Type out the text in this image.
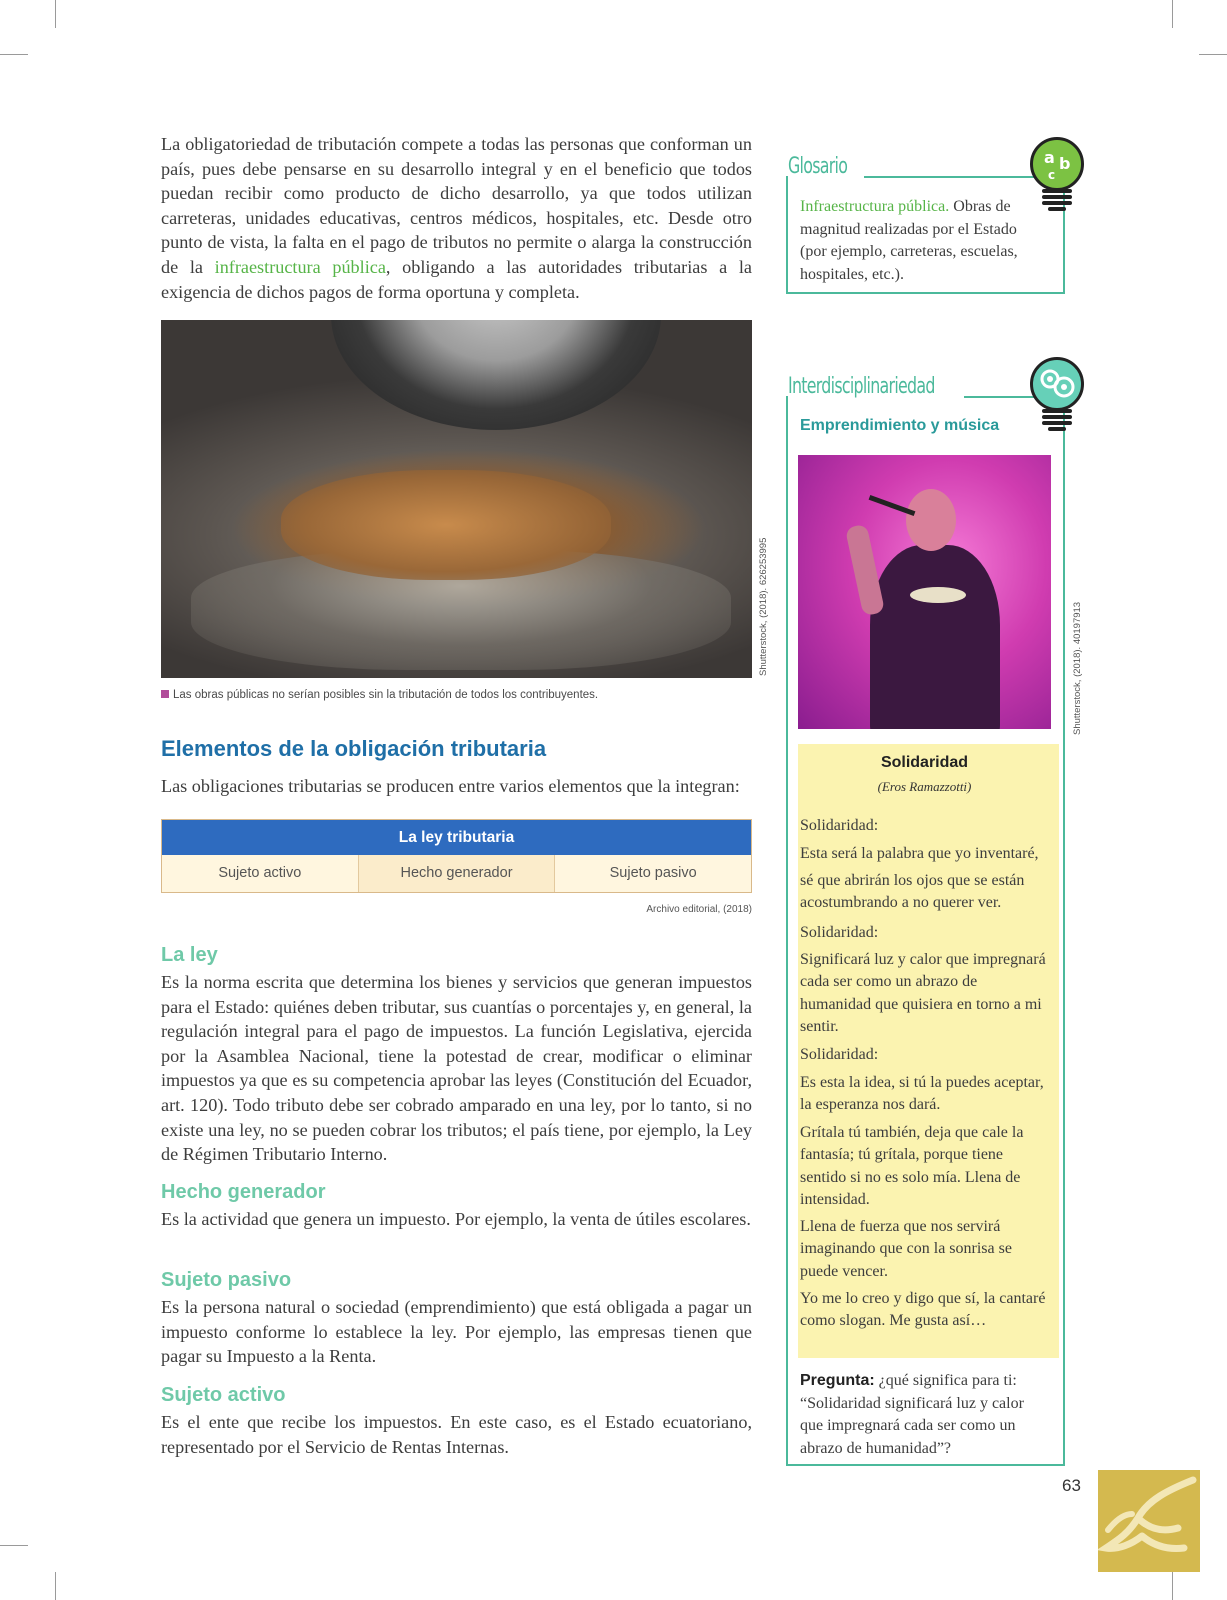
La obligatoriedad de tributación compete a todas las personas que conforman un país, pues debe pensarse en su desarrollo integral y en el beneficio que todos puedan recibir como producto de dicho desarrollo, ya que todos utilizan carreteras, unidades educativas, centros médicos, hospitales, etc. Desde otro punto de vista, la falta en el pago de tributos no permite o alarga la construcción de la infraestructura pública, obligando a las autoridades tributarias a la exigencia de dichos pagos de forma oportuna y completa.

Shutterstock, (2018). 626253995
Las obras públicas no serían posibles sin la tributación de todos los contribuyentes.
Elementos de la obligación tributaria

Las obligaciones tributarias se producen entre varios elementos que la integran:

La ley tributaria
Sujeto activo	Hecho generador	Sujeto pasivo
Archivo editorial, (2018)
La ley

Es la norma escrita que determina los bienes y servicios que generan impuestos para el Estado: quiénes deben tributar, sus cuantías o porcentajes y, en general, la regulación integral para el pago de impuestos. La función Legislativa, ejercida por la Asamblea Nacional, tiene la potestad de crear, modificar o eliminar impuestos ya que es su competencia aprobar las leyes (Constitución del Ecuador, art. 120). Todo tributo debe ser cobrado amparado en una ley, por lo tanto, si no existe una ley, no se pueden cobrar los tributos; el país tiene, por ejemplo, la Ley de Régimen Tributario Interno.

Hecho generador

Es la actividad que genera un impuesto. Por ejemplo, la venta de útiles escolares.

Sujeto pasivo

Es la persona natural o sociedad (emprendimiento) que está obligada a pagar un impuesto conforme lo establece la ley. Por ejemplo, las empresas tienen que pagar su Impuesto a la Renta.

Sujeto activo

Es el ente que recibe los impuestos. En este caso, es el Estado ecuatoriano, representado por el Servicio de Rentas Internas.

Glosario	a b
c

Infraestructura pública. Obras de magnitud realizadas por el Estado (por ejemplo, carreteras, escuelas, hospitales, etc.).

Interdisciplinariedad
Emprendimiento y música
Shutterstock, (2018). 40197913
Solidaridad
(Eros Ramazzotti)

Solidaridad:

Esta será la palabra que yo inventaré,

sé que abrirán los ojos que se están acostumbrando a no querer ver.

Solidaridad:

Significará luz y calor que impregnará cada ser como un abrazo de humanidad que quisiera en torno a mi sentir.

Solidaridad:

Es esta la idea, si tú la puedes aceptar, la esperanza nos dará.

Grítala tú también, deja que cale la fantasía; tú grítala, porque tiene sentido si no es solo mía. Llena de intensidad.

Llena de fuerza que nos servirá imaginando que con la sonrisa se puede vencer.

Yo me lo creo y digo que sí, la cantaré como slogan. Me gusta así…

Pregunta: ¿qué significa para ti: “Solidaridad significará luz y calor que impregnará cada ser como un abrazo de humanidad”?

63
